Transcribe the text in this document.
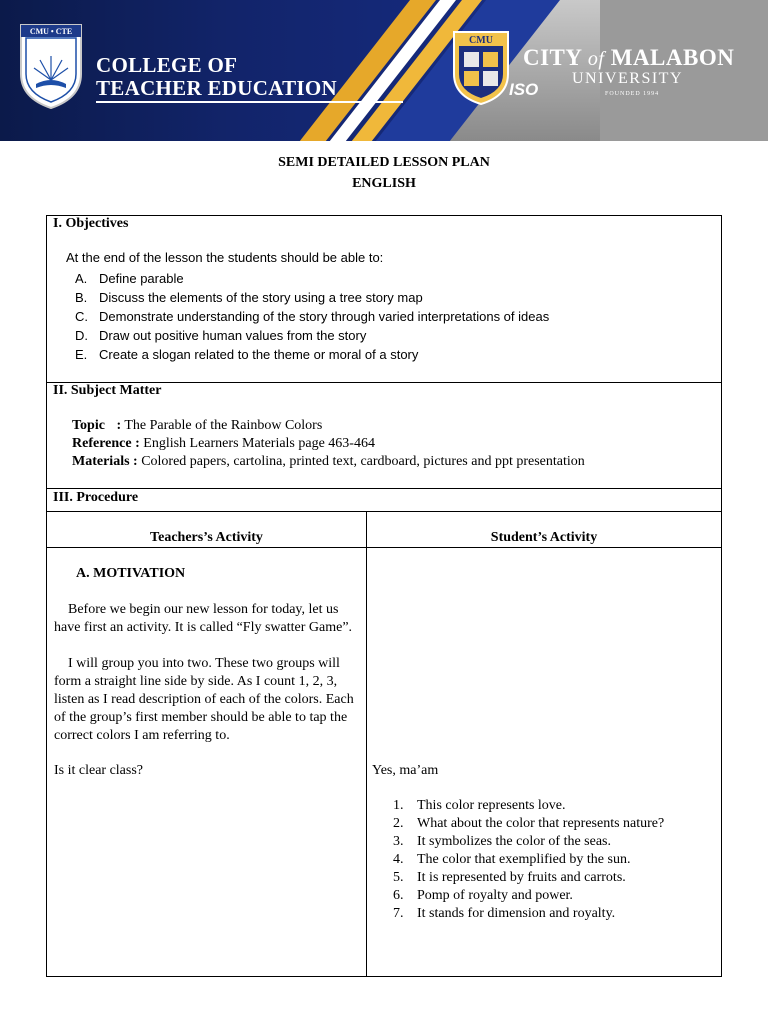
CMU • CTE
COLLEGE OF
TEACHER EDUCATION
CMU
ISO
CITY of MALABON
UNIVERSITY
FOUNDED 1994
SEMI DETAILED LESSON PLAN
ENGLISH
I. Objectives
At the end of the lesson the students should be able to:
A. Define parable
B. Discuss the elements of the story using a tree story map
C. Demonstrate understanding of the story through varied interpretations of ideas
D. Draw out positive human values from the story
E. Create a slogan related to the theme or moral of a story
II. Subject Matter
Topic : The Parable of the Rainbow Colors
Reference : English Learners Materials page 463-464
Materials : Colored papers, cartolina, printed text, cardboard, pictures and ppt presentation
III. Procedure
Teachers’s Activity	Student’s Activity
A. MOTIVATION
Before we begin our new lesson for today, let us have first an activity. It is called “Fly swatter Game”.
I will group you into two. These two groups will form a straight line side by side. As I count 1, 2, 3, listen as I read description of each of the colors. Each of the group’s first member should be able to tap the correct colors I am referring to.
Is it clear class?	Yes, ma’am
1. This color represents love.
2. What about the color that represents nature?
3. It symbolizes the color of the seas.
4. The color that exemplified by the sun.
5. It is represented by fruits and carrots.
6. Pomp of royalty and power.
7. It stands for dimension and royalty.
